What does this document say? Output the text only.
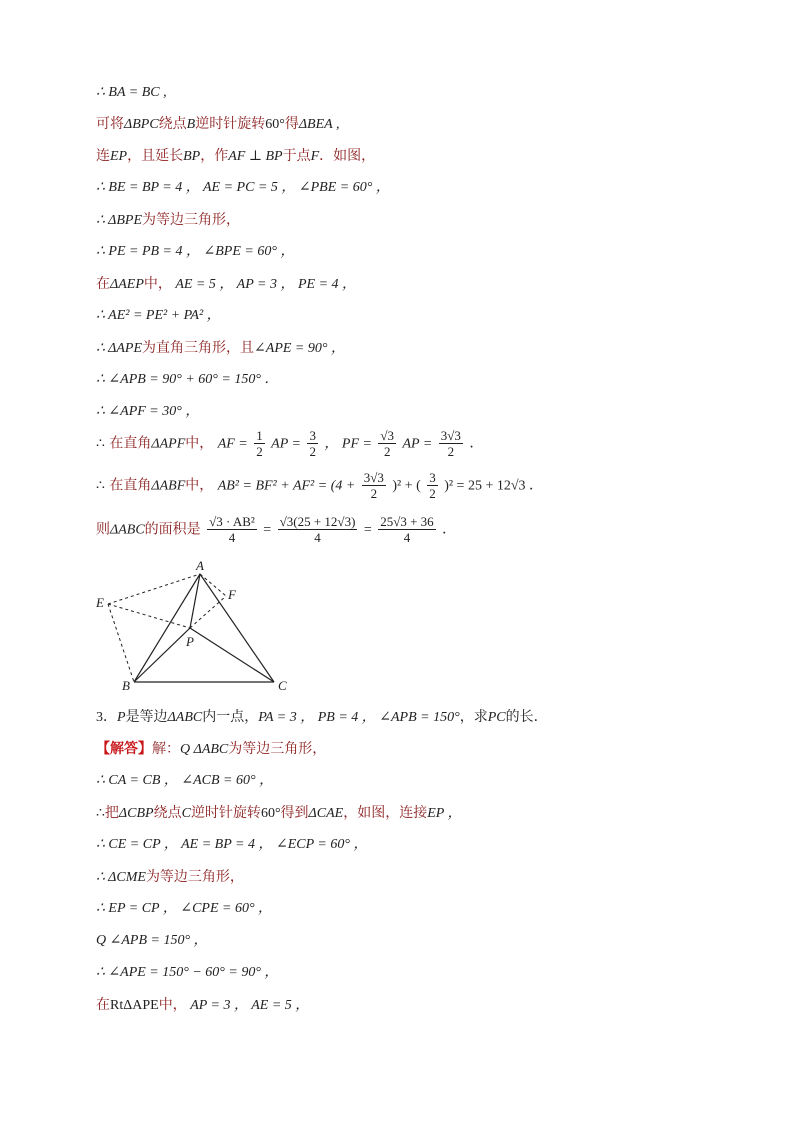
∴ BA = BC ,
可将ΔBPC绕点B逆时针旋转60°得ΔBEA ,
连EP，且延长BP，作AF ⊥ BP于点F．如图，
∴ BE = BP = 4 ， AE = PC = 5 ， ∠PBE = 60° ，
∴ ΔBPE为等边三角形，
∴ PE = PB = 4 ， ∠BPE = 60° ，
在ΔAEP中， AE = 5 ， AP = 3 ， PE = 4 ，
∴ AE² = PE² + PA² ，
∴ ΔAPE为直角三角形，且∠APE = 90° ，
∴ ∠APB = 90° + 60° = 150° ．
∴ ∠APF = 30° ，
∴ 在直角ΔAPF中， AF = $\frac{1}{2}$ AP = $\frac{3}{2}$ ， PF = $\frac{√3}{2}$ AP = $\frac{3√3}{2}$ ．
∴ 在直角ΔABF中， $AB^2 = BF^2 + AF^2 = (4 + \frac{3√3}{2} )^2$ + ( $\frac{3}{2} )^2 = 25 + 12√3$ ．
则ΔABC的面积是 $\frac{\text{√3 · AB²}}{4} = \frac{√3(25 + 12√3)}{4} = \frac{25√3 + 36}{4}$ ．
A
B	C
E
F
P
3．P是等边ΔABC内一点，PA = 3 ， PB = 4 ， ∠APB = 150°，求PC的长．
【解答】解：Q ΔABC为等边三角形，
∴ CA = CB ， ∠ACB = 60° ，
∴把ΔCBP绕点C逆时针旋转60°得到ΔCAE，如图，连接EP ，
∴ CE = CP ， AE = BP = 4 ， ∠ECP = 60° ，
∴ ΔCME为等边三角形，
∴ EP = CP ， ∠CPE = 60° ，
Q ∠APB = 150° ，
∴ ∠APE = 150° − 60° = 90° ，
在RtΔAPE中， AP = 3 ， AE = 5 ，
